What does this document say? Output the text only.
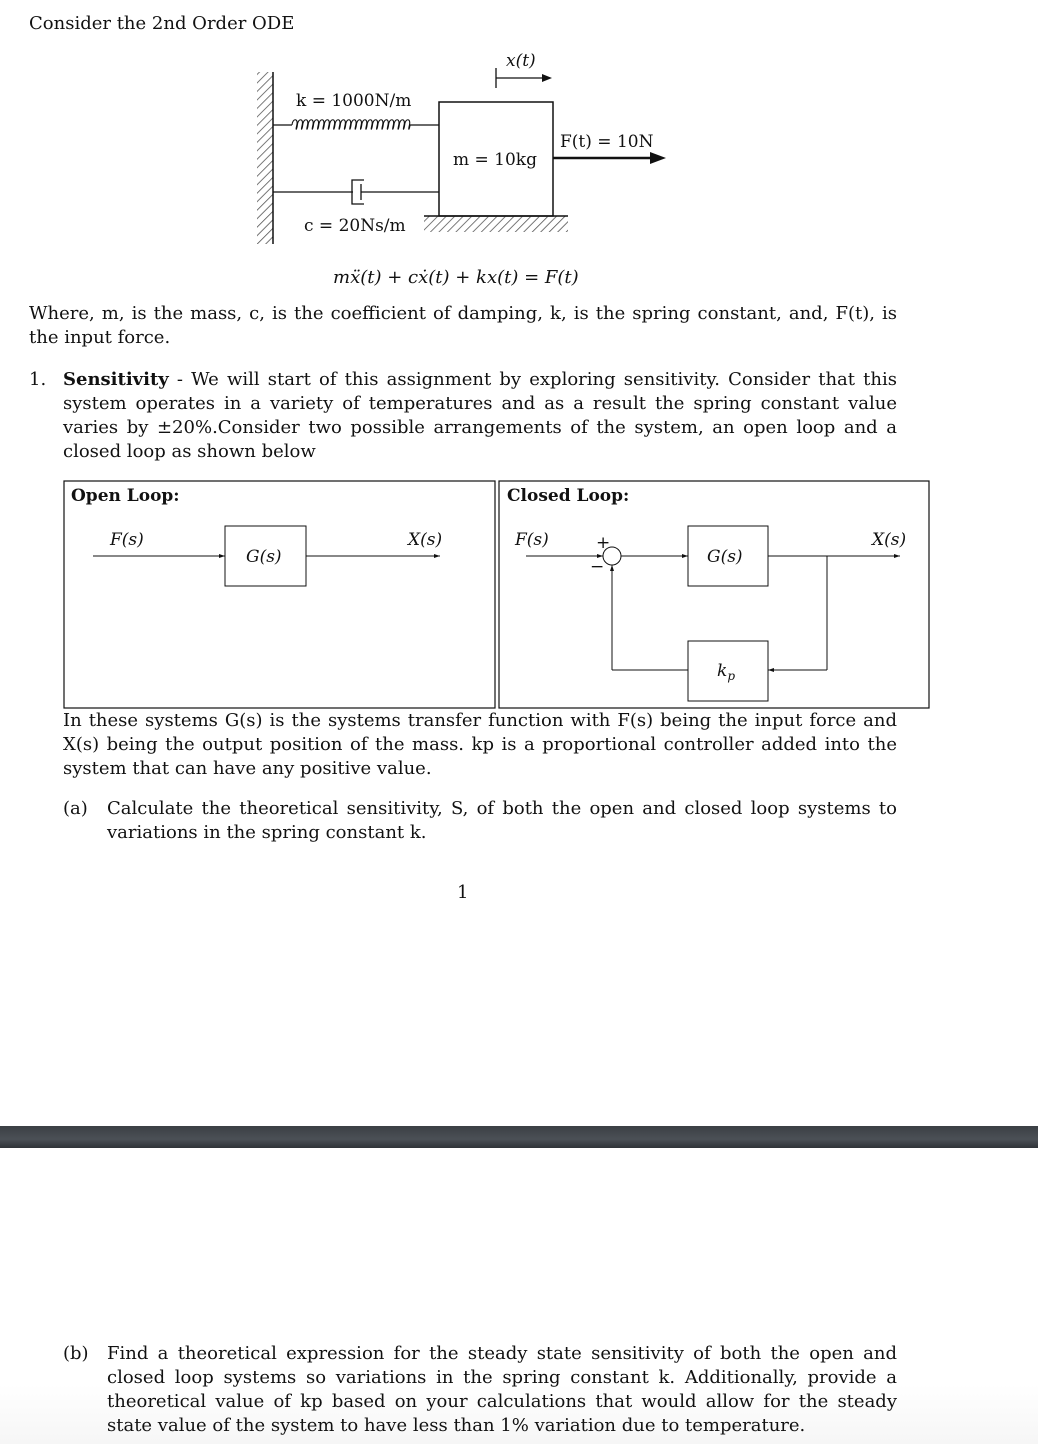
Consider the 2nd Order ODE
k = 1000N/m
m = 10kg
c = 20Ns/m
F(t) = 10N
x(t)
mẍ(t) + cẋ(t) + kx(t) = F(t)
Where, m, is the mass, c, is the coefficient of damping, k, is the spring constant, and, F(t), is the input force.
1. Sensitivity - We will start of this assignment by exploring sensitivity. Consider that this system operates in a variety of temperatures and as a result the spring constant value varies by ±20%.Consider two possible arrangements of the system, an open loop and a closed loop as shown below
Open Loop:
F(s)
G(s)
X(s)
Closed Loop:
F(s)	+
−	G(s)
X(s)
$k_p$
In these systems G(s) is the systems transfer function with F(s) being the input force and X(s) being the output position of the mass. kp is a proportional controller added into the system that can have any positive value.
(a) Calculate the theoretical sensitivity, S, of both the open and closed loop systems to variations in the spring constant k.
1
(b) Find a theoretical expression for the steady state sensitivity of both the open and closed loop systems so variations in the spring constant k. Additionally, provide a theoretical value of kp based on your calculations that would allow for the steady state value of the system to have less than 1% variation due to temperature.
